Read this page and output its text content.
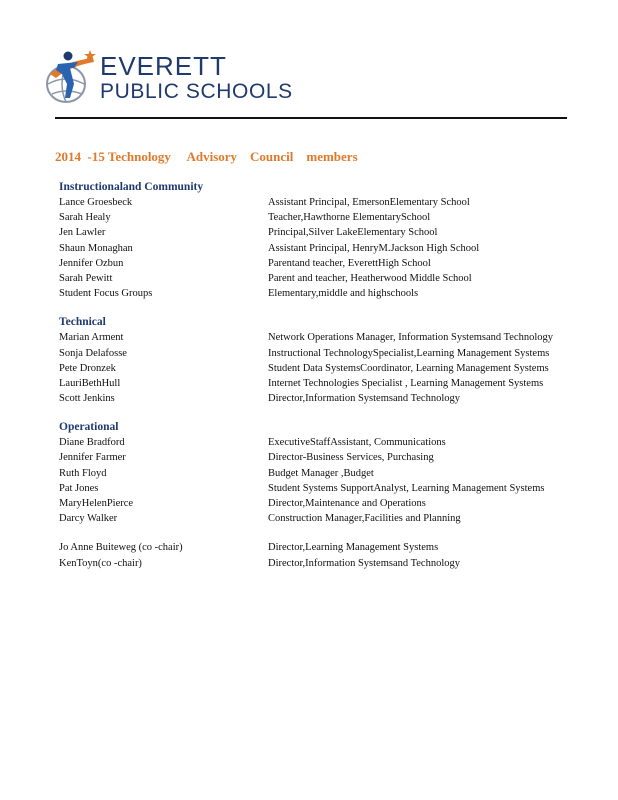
EVERETT
PUBLIC SCHOOLS
2014  -15 Technology     Advisory    Council    members
Instructionaland Community
Lance Groesbeck	Assistant Principal, EmersonElementary School
Sarah Healy	Teacher,Hawthorne ElementarySchool
Jen Lawler	Principal,Silver LakeElementary School
Shaun Monaghan	Assistant Principal, HenryM.Jackson High School
Jennifer Ozbun	Parentand teacher, EverettHigh School
Sarah Pewitt	Parent and teacher, Heatherwood Middle School
Student Focus Groups	Elementary,middle and highschools
Technical
Marian Arment	Network Operations Manager, Information Systemsand Technology
Sonja Delafosse	Instructional TechnologySpecialist,Learning Management Systems
Pete Dronzek	Student Data SystemsCoordinator, Learning Management Systems
LauriBethHull	Internet Technologies Specialist , Learning Management Systems
Scott Jenkins	Director,Information Systemsand Technology
Operational
Diane Bradford	ExecutiveStaffAssistant, Communications
Jennifer Farmer	Director-Business Services, Purchasing
Ruth Floyd	Budget Manager ,Budget
Pat Jones	Student Systems SupportAnalyst, Learning Management Systems
MaryHelenPierce	Director,Maintenance and Operations
Darcy Walker	Construction Manager,Facilities and Planning
Jo Anne Buiteweg (co -chair)	Director,Learning Management Systems
KenToyn(co -chair)	Director,Information Systemsand Technology
